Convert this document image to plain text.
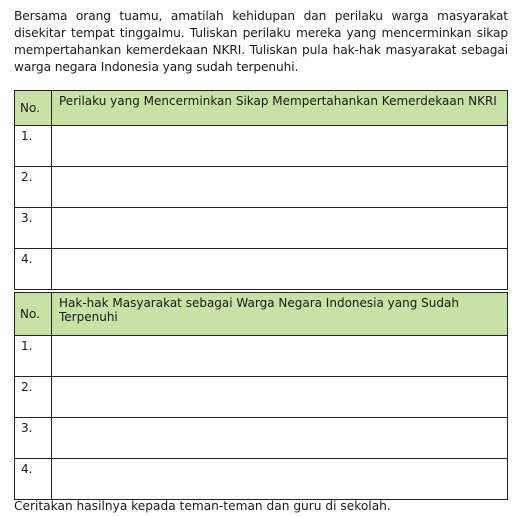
Bersama orang tuamu, amatilah kehidupan dan perilaku warga masyarakat disekitar tempat tinggalmu. Tuliskan perilaku mereka yang mencerminkan sikap mempertahankan kemerdekaan NKRI. Tuliskan pula hak-hak masyarakat sebagai warga negara Indonesia yang sudah terpenuhi.

No.	Perilaku yang Mencerminkan Sikap Mempertahankan Kemerdekaan NKRI
1.	
2.	
3.	
4.	
No.	Hak-hak Masyarakat sebagai Warga Negara Indonesia yang Sudah Terpenuhi
1.	
2.	
3.	
4.	

Ceritakan hasilnya kepada teman-teman dan guru di sekolah.
